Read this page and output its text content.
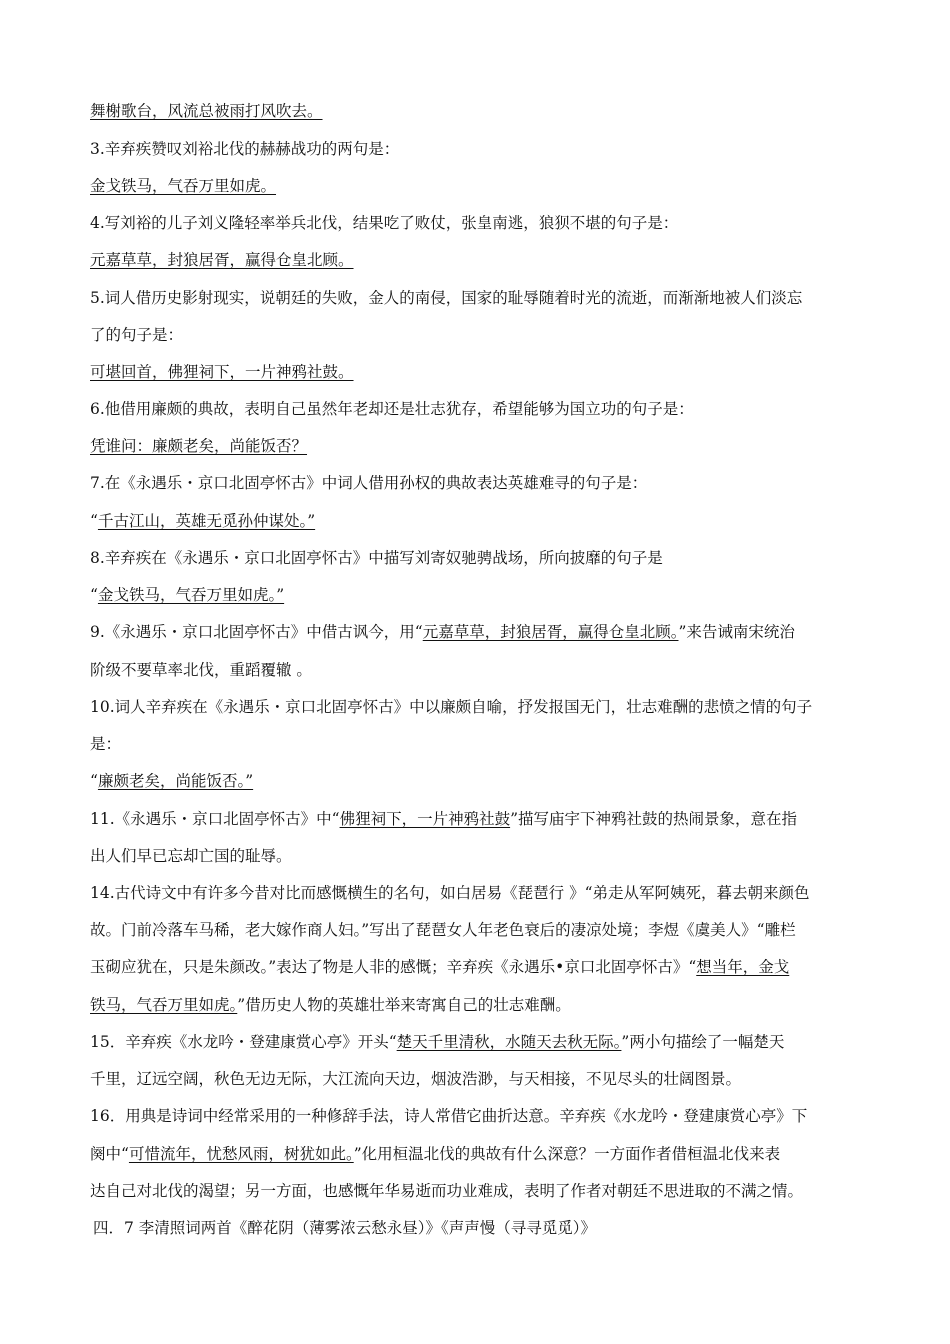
舞榭歌台，风流总被雨打风吹去。
3.辛弃疾赞叹刘裕北伐的赫赫战功的两句是：
金戈铁马，气吞万里如虎。
4.写刘裕的儿子刘义隆轻率举兵北伐，结果吃了败仗，张皇南逃，狼狈不堪的句子是：
元嘉草草，封狼居胥，赢得仓皇北顾。
5.词人借历史影射现实，说朝廷的失败，金人的南侵，国家的耻辱随着时光的流逝，而渐渐地被人们淡忘
了的句子是：
可堪回首，佛狸祠下，一片神鸦社鼓。
6.他借用廉颇的典故，表明自己虽然年老却还是壮志犹存，希望能够为国立功的句子是：
凭谁问：廉颇老矣，尚能饭否？
7.在《永遇乐・京口北固亭怀古》中词人借用孙权的典故表达英雄难寻的句子是：
“千古江山，英雄无觅孙仲谋处。”
8.辛弃疾在《永遇乐・京口北固亭怀古》中描写刘寄奴驰骋战场，所向披靡的句子是
“金戈铁马，气吞万里如虎。”
9.《永遇乐・京口北固亭怀古》中借古讽今，用“元嘉草草，封狼居胥，赢得仓皇北顾。”来告诫南宋统治
阶级不要草率北伐，重蹈覆辙 。
10.词人辛弃疾在《永遇乐・京口北固亭怀古》中以廉颇自喻，抒发报国无门，壮志难酬的悲愤之情的句子
是：
“廉颇老矣，尚能饭否。”
11.《永遇乐・京口北固亭怀古》中“佛狸祠下，一片神鸦社鼓”描写庙宇下神鸦社鼓的热闹景象，意在指
出人们早已忘却亡国的耻辱。
14.古代诗文中有许多今昔对比而感慨横生的名句，如白居易《琵琶行 》“弟走从军阿姨死，暮去朝来颜色
故。门前冷落车马稀，老大嫁作商人妇。”写出了琵琶女人年老色衰后的凄凉处境；李煜《虞美人》“雕栏
玉砌应犹在，只是朱颜改。”表达了物是人非的感慨；辛弃疾《永遇乐•京口北固亭怀古》“想当年，金戈
铁马，气吞万里如虎。”借历史人物的英雄壮举来寄寓自己的壮志难酬。
15．辛弃疾《水龙吟・登建康赏心亭》开头“楚天千里清秋，水随天去秋无际。”两小句描绘了一幅楚天
千里，辽远空阔，秋色无边无际，大江流向天边，烟波浩渺，与天相接，不见尽头的壮阔图景。
16．用典是诗词中经常采用的一种修辞手法，诗人常借它曲折达意。辛弃疾《水龙吟・登建康赏心亭》下
阕中“可惜流年，忧愁风雨，树犹如此。”化用桓温北伐的典故有什么深意？一方面作者借桓温北伐来表
达自己对北伐的渴望；另一方面，也感慨年华易逝而功业难成，表明了作者对朝廷不思进取的不满之情。
四．7 李清照词两首《醉花阴（薄雾浓云愁永昼）》《声声慢（寻寻觅觅）》
